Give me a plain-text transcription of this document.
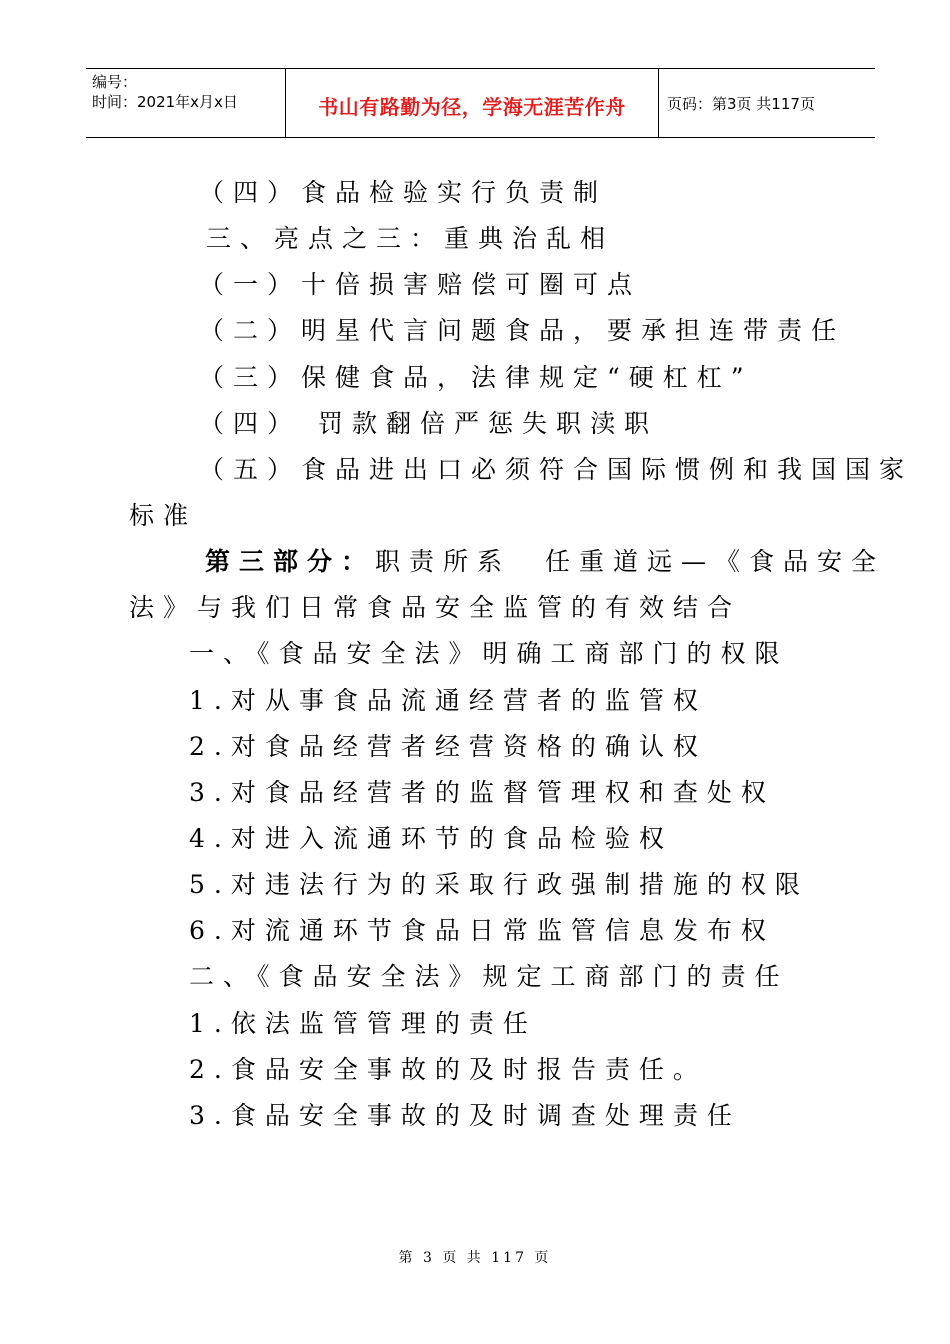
编号：
时间：2021年x月x日	书山有路勤为径，学海无涯苦作舟	页码：第3页 共117页
（四）食品检验实行负责制
三、亮点之三：重典治乱相
（一）十倍损害赔偿可圈可点
（二）明星代言问题食品，要承担连带责任
（三）保健食品，法律规定“硬杠杠”
（四） 罚款翻倍严惩失职渎职
（五）食品进出口必须符合国际惯例和我国国家
标准
第三部分：职责所系　任重道远—《食品安全
法》与我们日常食品安全监管的有效结合
一、《食品安全法》明确工商部门的权限
1.对从事食品流通经营者的监管权
2.对食品经营者经营资格的确认权
3.对食品经营者的监督管理权和查处权
4.对进入流通环节的食品检验权
5.对违法行为的采取行政强制措施的权限
6.对流通环节食品日常监管信息发布权
二、《食品安全法》规定工商部门的责任
1.依法监管管理的责任
2.食品安全事故的及时报告责任。
3.食品安全事故的及时调查处理责任
第 3 页 共 117 页
